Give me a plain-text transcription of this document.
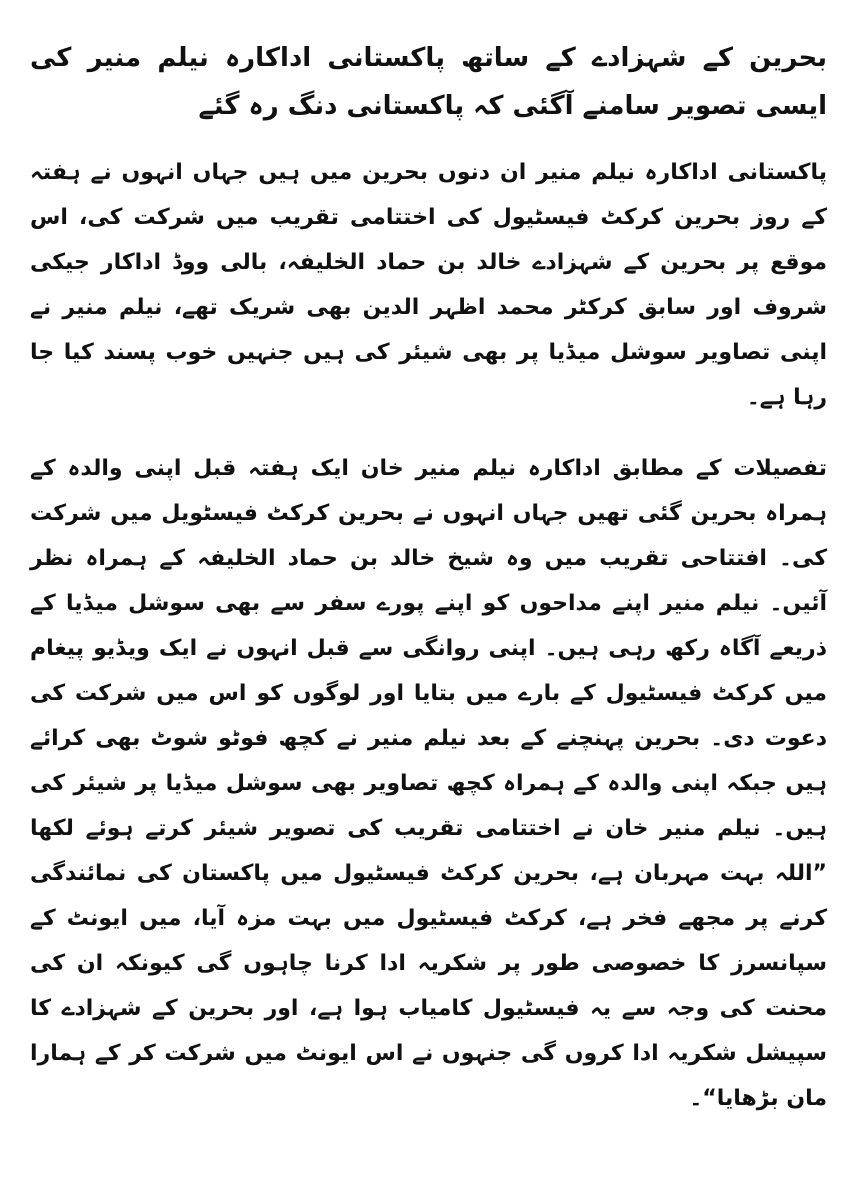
بحرین کے شہزادے کے ساتھ پاکستانی اداکارہ نیلم منیر کی ایسی تصویر سامنے آگئی کہ پاکستانی دنگ رہ گئے

پاکستانی اداکارہ نیلم منیر ان دنوں بحرین میں ہیں جہاں انہوں نے ہفتہ کے روز بحرین کرکٹ فیسٹیول کی اختتامی تقریب میں شرکت کی، اس موقع پر بحرین کے شہزادے خالد بن حماد الخلیفہ، بالی ووڈ اداکار جیکی شروف اور سابق کرکٹر محمد اظہر الدین بھی شریک تھے، نیلم منیر نے اپنی تصاویر سوشل میڈیا پر بھی شیئر کی ہیں جنہیں خوب پسند کیا جا رہا ہے۔

تفصیلات کے مطابق اداکارہ نیلم منیر خان ایک ہفتہ قبل اپنی والدہ کے ہمراہ بحرین گئی تھیں جہاں انہوں نے بحرین کرکٹ فیسٹویل میں شرکت کی۔ افتتاحی تقریب میں وہ شیخ خالد بن حماد الخلیفہ کے ہمراہ نظر آئیں۔ نیلم منیر اپنے مداحوں کو اپنے پورے سفر سے بھی سوشل میڈیا کے ذریعے آگاہ رکھ رہی ہیں۔ اپنی روانگی سے قبل انہوں نے ایک ویڈیو پیغام میں کرکٹ فیسٹیول کے بارے میں بتایا اور لوگوں کو اس میں شرکت کی دعوت دی۔ بحرین پہنچنے کے بعد نیلم منیر نے کچھ فوٹو شوٹ بھی کرائے ہیں جبکہ اپنی والدہ کے ہمراہ کچھ تصاویر بھی سوشل میڈیا پر شیئر کی ہیں۔ نیلم منیر خان نے اختتامی تقریب کی تصویر شیئر کرتے ہوئے لکھا ”اللہ بہت مہربان ہے، بحرین کرکٹ فیسٹیول میں پاکستان کی نمائندگی کرنے پر مجھے فخر ہے، کرکٹ فیسٹیول میں بہت مزہ آیا، میں ایونٹ کے سپانسرز کا خصوصی طور پر شکریہ ادا کرنا چاہوں گی کیونکہ ان کی محنت کی وجہ سے یہ فیسٹیول کامیاب ہوا ہے، اور بحرین کے شہزادے کا سپیشل شکریہ ادا کروں گی جنہوں نے اس ایونٹ میں شرکت کر کے ہمارا مان بڑھایا“۔
